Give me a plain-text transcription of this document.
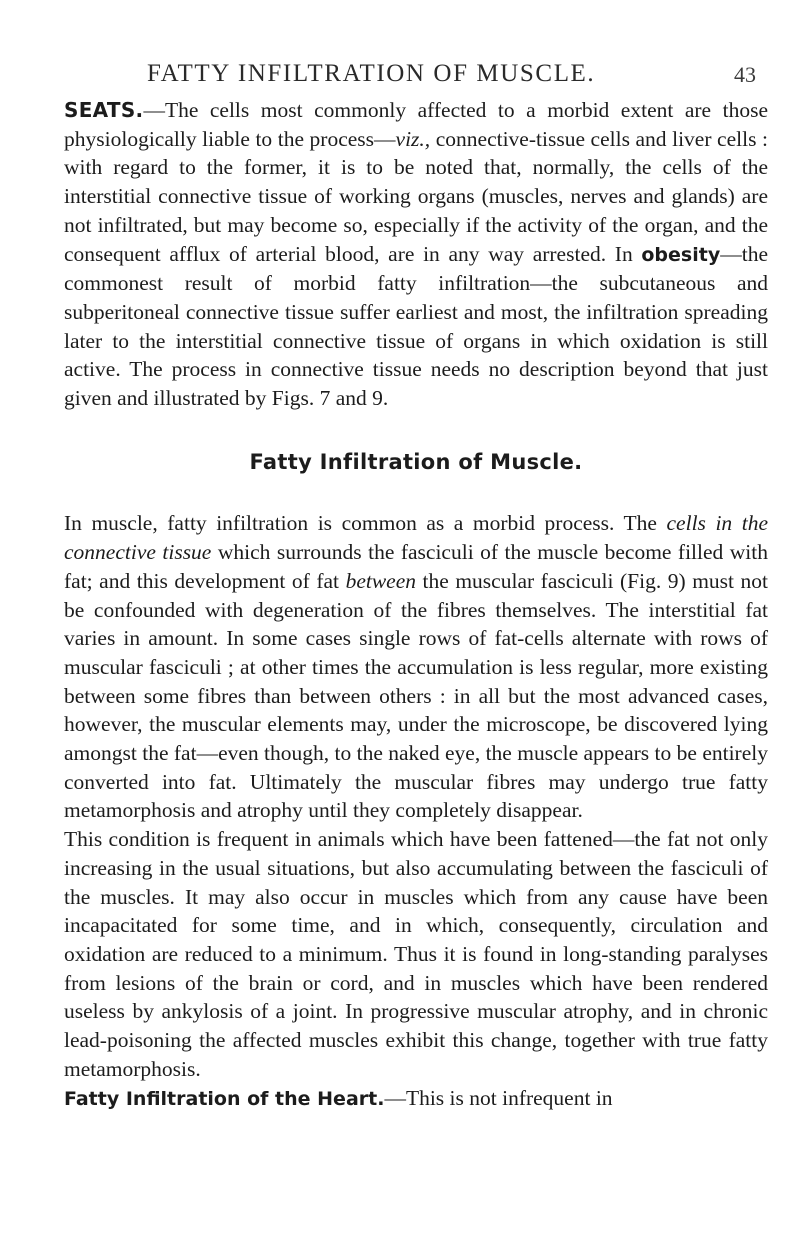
FATTY INFILTRATION OF MUSCLE.	43

SEATS.—The cells most commonly affected to a morbid extent are those physiologically liable to the process—viz., connective-tissue cells and liver cells : with regard to the former, it is to be noted that, normally, the cells of the interstitial connective tissue of working organs (muscles, nerves and glands) are not infiltrated, but may become so, especially if the activity of the organ, and the consequent afflux of arterial blood, are in any way arrested. In obesity—the commonest result of morbid fatty infiltration—the subcutaneous and subperitoneal connective tissue suffer earliest and most, the infiltration spreading later to the interstitial connective tissue of organs in which oxidation is still active. The process in connective tissue needs no description beyond that just given and illustrated by Figs. 7 and 9.

Fatty Infiltration of Muscle.

In muscle, fatty infiltration is common as a morbid process. The cells in the connective tissue which surrounds the fasciculi of the muscle become filled with fat; and this development of fat between the muscular fasciculi (Fig. 9) must not be confounded with degeneration of the fibres themselves. The interstitial fat varies in amount. In some cases single rows of fat-cells alternate with rows of muscular fasciculi ; at other times the accumulation is less regular, more existing between some fibres than between others : in all but the most advanced cases, however, the muscular elements may, under the microscope, be discovered lying amongst the fat—even though, to the naked eye, the muscle appears to be entirely converted into fat. Ultimately the muscular fibres may undergo true fatty metamorphosis and atrophy until they completely disappear.

This condition is frequent in animals which have been fattened—the fat not only increasing in the usual situations, but also accumulating between the fasciculi of the muscles. It may also occur in muscles which from any cause have been incapacitated for some time, and in which, consequently, circulation and oxidation are reduced to a minimum. Thus it is found in long-standing paralyses from lesions of the brain or cord, and in muscles which have been rendered useless by ankylosis of a joint. In progressive muscular atrophy, and in chronic lead-poisoning the affected muscles exhibit this change, together with true fatty metamorphosis.

Fatty Infiltration of the Heart.—This is not infrequent in
